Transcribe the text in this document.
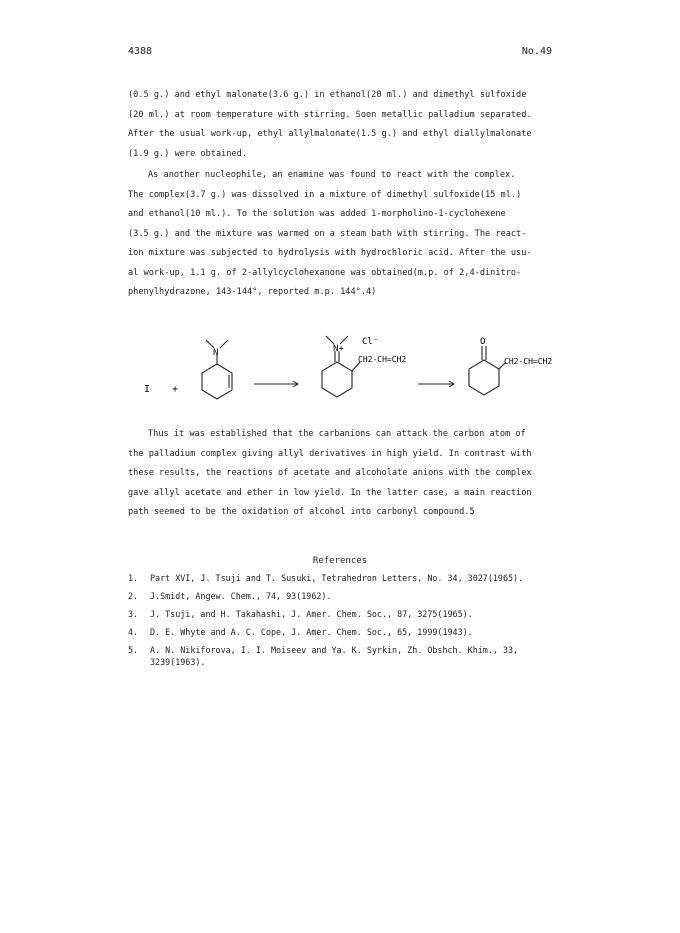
4388	No.49
(0.5 g.) and ethyl malonate(3.6 g.) in ethanol(20 ml.) and dimethyl sulfoxide
(20 ml.) at room temperature with stirring. Soon metallic palladium separated.
After the usual work-up, ethyl allylmalonate(1.5 g.) and ethyl diallylmalonate
(1.9 g.) were obtained.
As another nucleophile, an enamine was found to react with the complex.
The complex(3.7 g.) was dissolved in a mixture of dimethyl sulfoxide(15 ml.)
and ethanol(10 ml.). To the solution was added 1-morpholino-1-cyclohexene
(3.5 g.) and the mixture was warmed on a steam bath with stirring. The react-
ion mixture was subjected to hydrolysis with hydrochloric acid. After the usu-
al work-up, 1.1 g. of 2-allylcyclohexanone was obtained(m.p. of 2,4-dinitro-
phenylhydrazone, 143-144°, reported m.p. 144°.4)
I +
N	N+
Cl⁻
CH2-CH=CH2
O
CH2-CH=CH2
Thus it was established that the carbanions can attack the carbon atom of
the palladium complex giving allyl derivatives in high yield. In contrast with
these results, the reactions of acetate and alcoholate anions with the complex
gave allyl acetate and ether in low yield. In the latter case, a main reaction
path seemed to be the oxidation of alcohol into carbonyl compound.5
References
1. Part XVI, J. Tsuji and T. Susuki, Tetrahedron Letters, No. 34, 3027(1965).
2. J.Smidt, Angew. Chem., 74, 93(1962).
3. J. Tsuji, and H. Takahashi, J. Amer. Chem. Soc., 87, 3275(1965).
4. D. E. Whyte and A. C. Cope, J. Amer. Chem. Soc., 65, 1999(1943).
5. A. N. Nikiforova, I. I. Moiseev and Ya. K. Syrkin, Zh. Obshch. Khim., 33, 3239(1963).
